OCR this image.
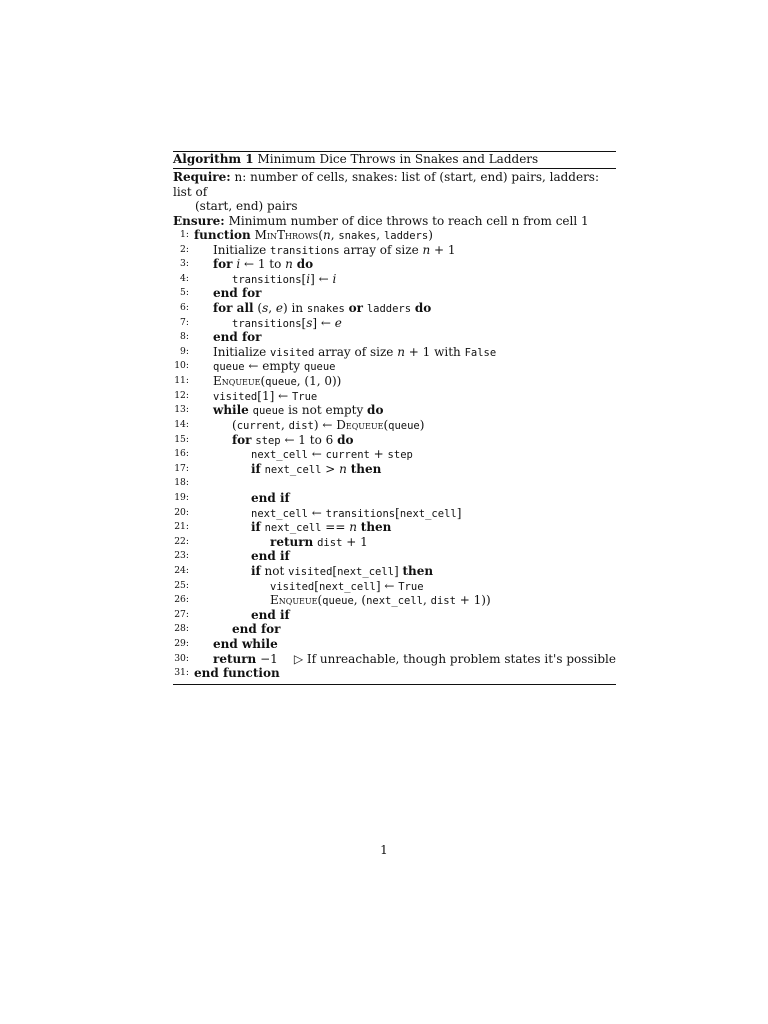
Algorithm 1 Minimum Dice Throws in Snakes and Ladders
Require: n: number of cells, snakes: list of (start, end) pairs, ladders: list of
(start, end) pairs
Ensure: Minimum number of dice throws to reach cell n from cell 1
1: function MinThrows(n, snakes, ladders)
2: Initialize transitions array of size n + 1
3: for i ← 1 to n do
4:	transitions[i] ← i
5: end for
6: for all (s, e) in snakes or ladders do
7:	transitions[s] ← e
8: end for
9: Initialize visited array of size n + 1 with False
10: queue ← empty queue
11: Enqueue(queue, (1, 0))
12: visited[1] ← True
13: while queue is not empty do
14:	(current, dist) ← Dequeue(queue)
15:	for step ← 1 to 6 do
16:	next_cell ← current + step
17:	if next_cell > n then
18:
19:	end if
20:	next_cell ← transitions[next_cell]
21:	if next_cell == n then
22:	return dist + 1
23:	end if
24:	if not visited[next_cell] then
25:	visited[next_cell] ← True
26:	Enqueue(queue, (next_cell, dist + 1))
27:	end if
28:	end for
29: end while
30: return −1 ▷ If unreachable, though problem states it's possible
31: end function
1
